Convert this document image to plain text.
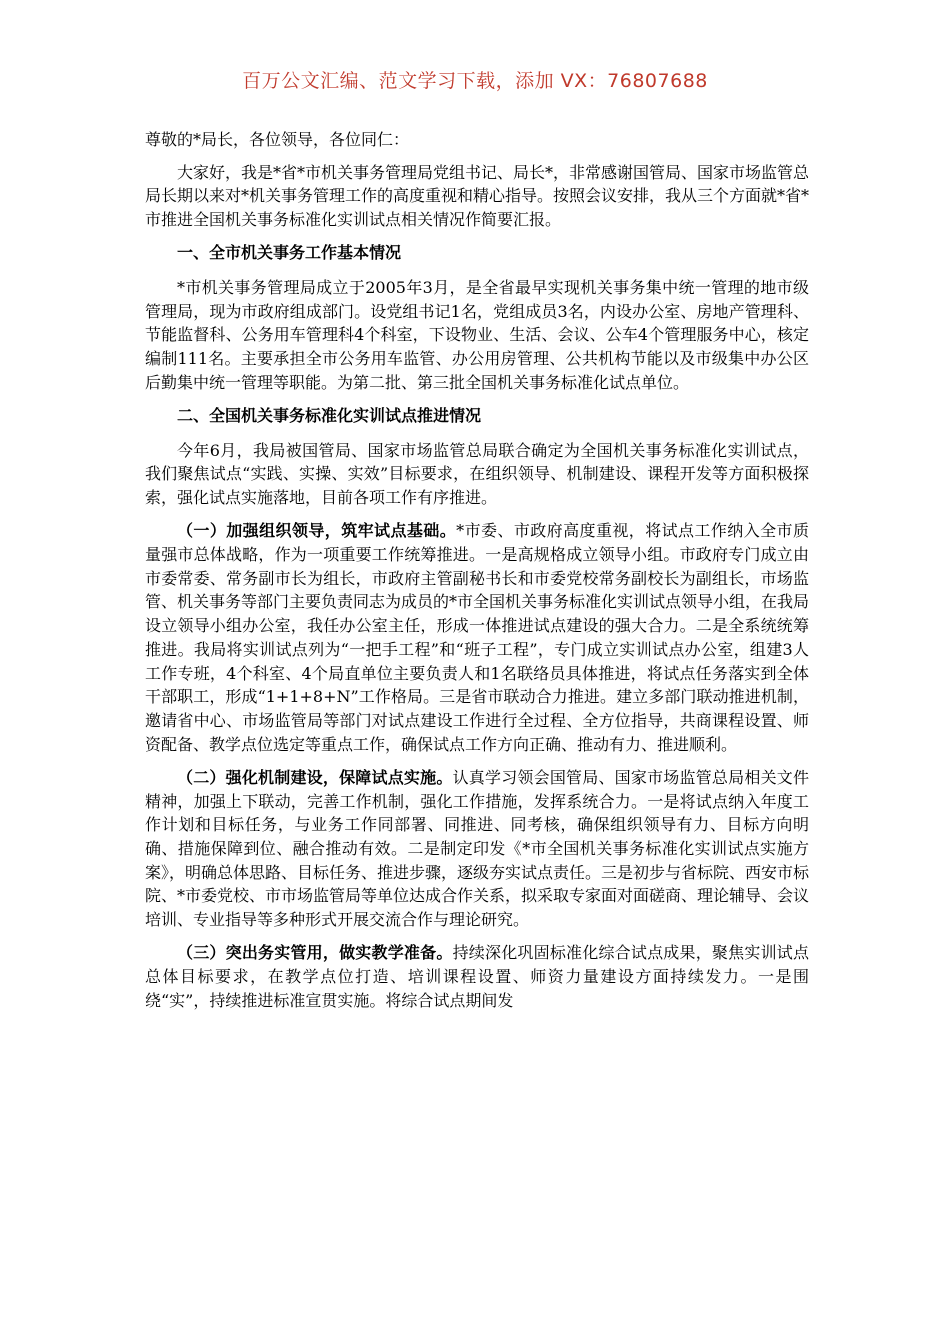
百万公文汇编、范文学习下载，添加 VX：76807688

尊敬的*局长，各位领导，各位同仁：

大家好，我是*省*市机关事务管理局党组书记、局长*，非常感谢国管局、国家市场监管总局长期以来对*机关事务管理工作的高度重视和精心指导。按照会议安排，我从三个方面就*省*市推进全国机关事务标准化实训试点相关情况作简要汇报。

一、全市机关事务工作基本情况

*市机关事务管理局成立于2005年3月，是全省最早实现机关事务集中统一管理的地市级管理局，现为市政府组成部门。设党组书记1名，党组成员3名，内设办公室、房地产管理科、节能监督科、公务用车管理科4个科室，下设物业、生活、会议、公车4个管理服务中心，核定编制111名。主要承担全市公务用车监管、办公用房管理、公共机构节能以及市级集中办公区后勤集中统一管理等职能。为第二批、第三批全国机关事务标准化试点单位。

二、全国机关事务标准化实训试点推进情况

今年6月，我局被国管局、国家市场监管总局联合确定为全国机关事务标准化实训试点，我们聚焦试点“实践、实操、实效”目标要求，在组织领导、机制建设、课程开发等方面积极探索，强化试点实施落地，目前各项工作有序推进。

（一）加强组织领导，筑牢试点基础。*市委、市政府高度重视，将试点工作纳入全市质量强市总体战略，作为一项重要工作统筹推进。一是高规格成立领导小组。市政府专门成立由市委常委、常务副市长为组长，市政府主管副秘书长和市委党校常务副校长为副组长，市场监管、机关事务等部门主要负责同志为成员的*市全国机关事务标准化实训试点领导小组，在我局设立领导小组办公室，我任办公室主任，形成一体推进试点建设的强大合力。二是全系统统筹推进。我局将实训试点列为“一把手工程”和“班子工程”，专门成立实训试点办公室，组建3人工作专班，4个科室、4个局直单位主要负责人和1名联络员具体推进，将试点任务落实到全体干部职工，形成“1+1+8+N”工作格局。三是省市联动合力推进。建立多部门联动推进机制，邀请省中心、市场监管局等部门对试点建设工作进行全过程、全方位指导，共商课程设置、师资配备、教学点位选定等重点工作，确保试点工作方向正确、推动有力、推进顺利。

（二）强化机制建设，保障试点实施。认真学习领会国管局、国家市场监管总局相关文件精神，加强上下联动，完善工作机制，强化工作措施，发挥系统合力。一是将试点纳入年度工作计划和目标任务，与业务工作同部署、同推进、同考核，确保组织领导有力、目标方向明确、措施保障到位、融合推动有效。二是制定印发《*市全国机关事务标准化实训试点实施方案》，明确总体思路、目标任务、推进步骤，逐级夯实试点责任。三是初步与省标院、西安市标院、*市委党校、市市场监管局等单位达成合作关系，拟采取专家面对面磋商、理论辅导、会议培训、专业指导等多种形式开展交流合作与理论研究。

（三）突出务实管用，做实教学准备。持续深化巩固标准化综合试点成果，聚焦实训试点总体目标要求，在教学点位打造、培训课程设置、师资力量建设方面持续发力。一是围绕“实”，持续推进标准宣贯实施。将综合试点期间发
